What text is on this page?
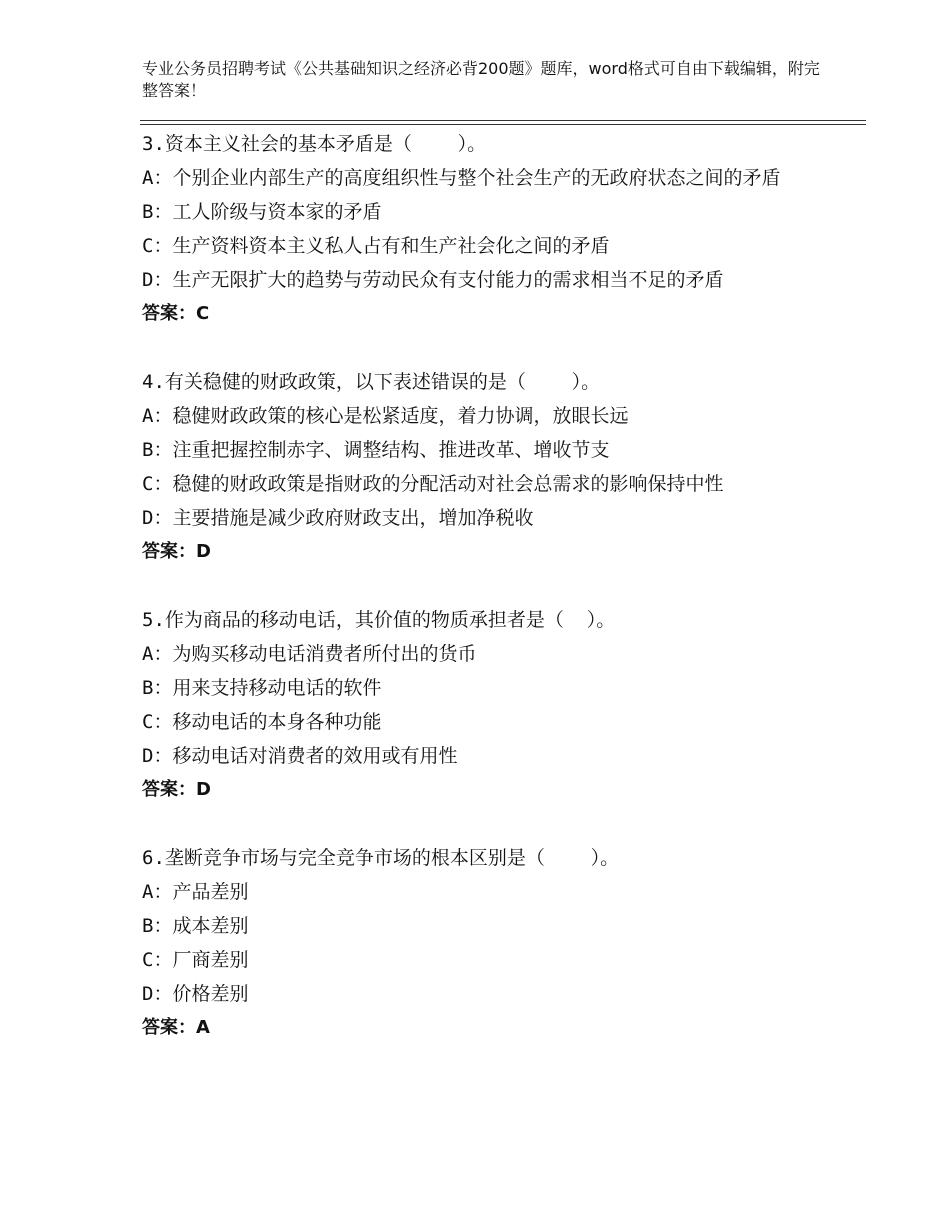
专业公务员招聘考试《公共基础知识之经济必背200题》题库，word格式可自由下载编辑，附完整答案！
3.资本主义社会的基本矛盾是（    ）。
A：个别企业内部生产的高度组织性与整个社会生产的无政府状态之间的矛盾
B：工人阶级与资本家的矛盾
C：生产资料资本主义私人占有和生产社会化之间的矛盾
D：生产无限扩大的趋势与劳动民众有支付能力的需求相当不足的矛盾
答案：C
4.有关稳健的财政政策，以下表述错误的是（    ）。
A：稳健财政政策的核心是松紧适度，着力协调，放眼长远
B：注重把握控制赤字、调整结构、推进改革、增收节支
C：稳健的财政政策是指财政的分配活动对社会总需求的影响保持中性
D：主要措施是减少政府财政支出，增加净税收
答案：D
5.作为商品的移动电话，其价值的物质承担者是（  ）。
A：为购买移动电话消费者所付出的货币
B：用来支持移动电话的软件
C：移动电话的本身各种功能
D：移动电话对消费者的效用或有用性
答案：D
6.垄断竞争市场与完全竞争市场的根本区别是（    ）。
A：产品差别
B：成本差别
C：厂商差别
D：价格差别
答案：A
